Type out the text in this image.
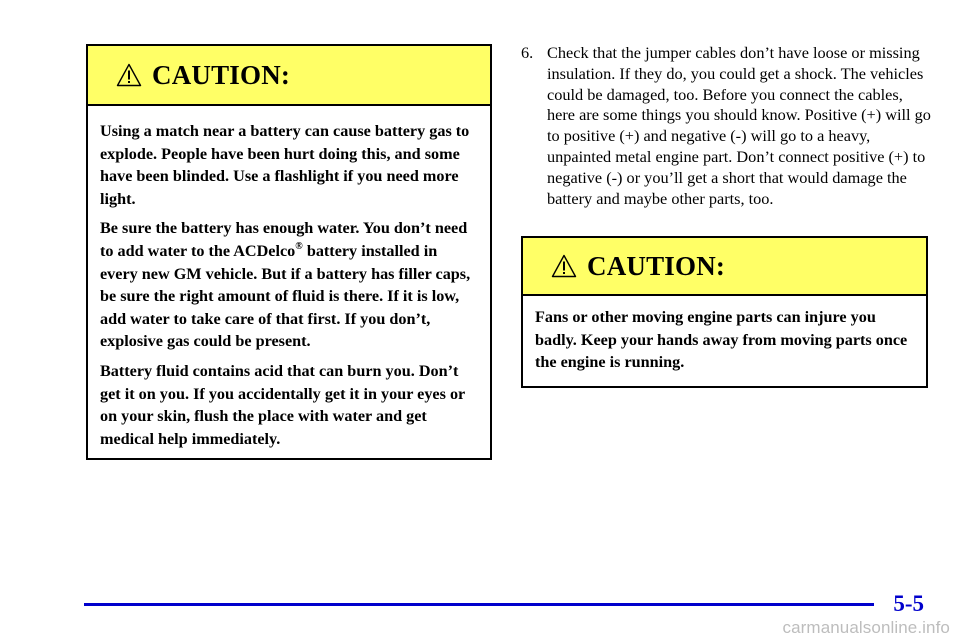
CAUTION:

Using a match near a battery can cause battery gas to explode. People have been hurt doing this, and some have been blinded. Use a flashlight if you need more light.

Be sure the battery has enough water. You don’t need to add water to the ACDelco® battery installed in every new GM vehicle. But if a battery has filler caps, be sure the right amount of fluid is there. If it is low, add water to take care of that first. If you don’t, explosive gas could be present.

Battery fluid contains acid that can burn you. Don’t get it on you. If you accidentally get it in your eyes or on your skin, flush the place with water and get medical help immediately.

6. Check that the jumper cables don’t have loose or missing insulation. If they do, you could get a shock. The vehicles could be damaged, too. Before you connect the cables, here are some things you should know. Positive (+) will go to positive (+) and negative (-) will go to a heavy, unpainted metal engine part. Don’t connect positive (+) to negative (-) or you’ll get a short that would damage the battery and maybe other parts, too.
CAUTION:

Fans or other moving engine parts can injure you badly. Keep your hands away from moving parts once the engine is running.

5-5
carmanualsonline.info
